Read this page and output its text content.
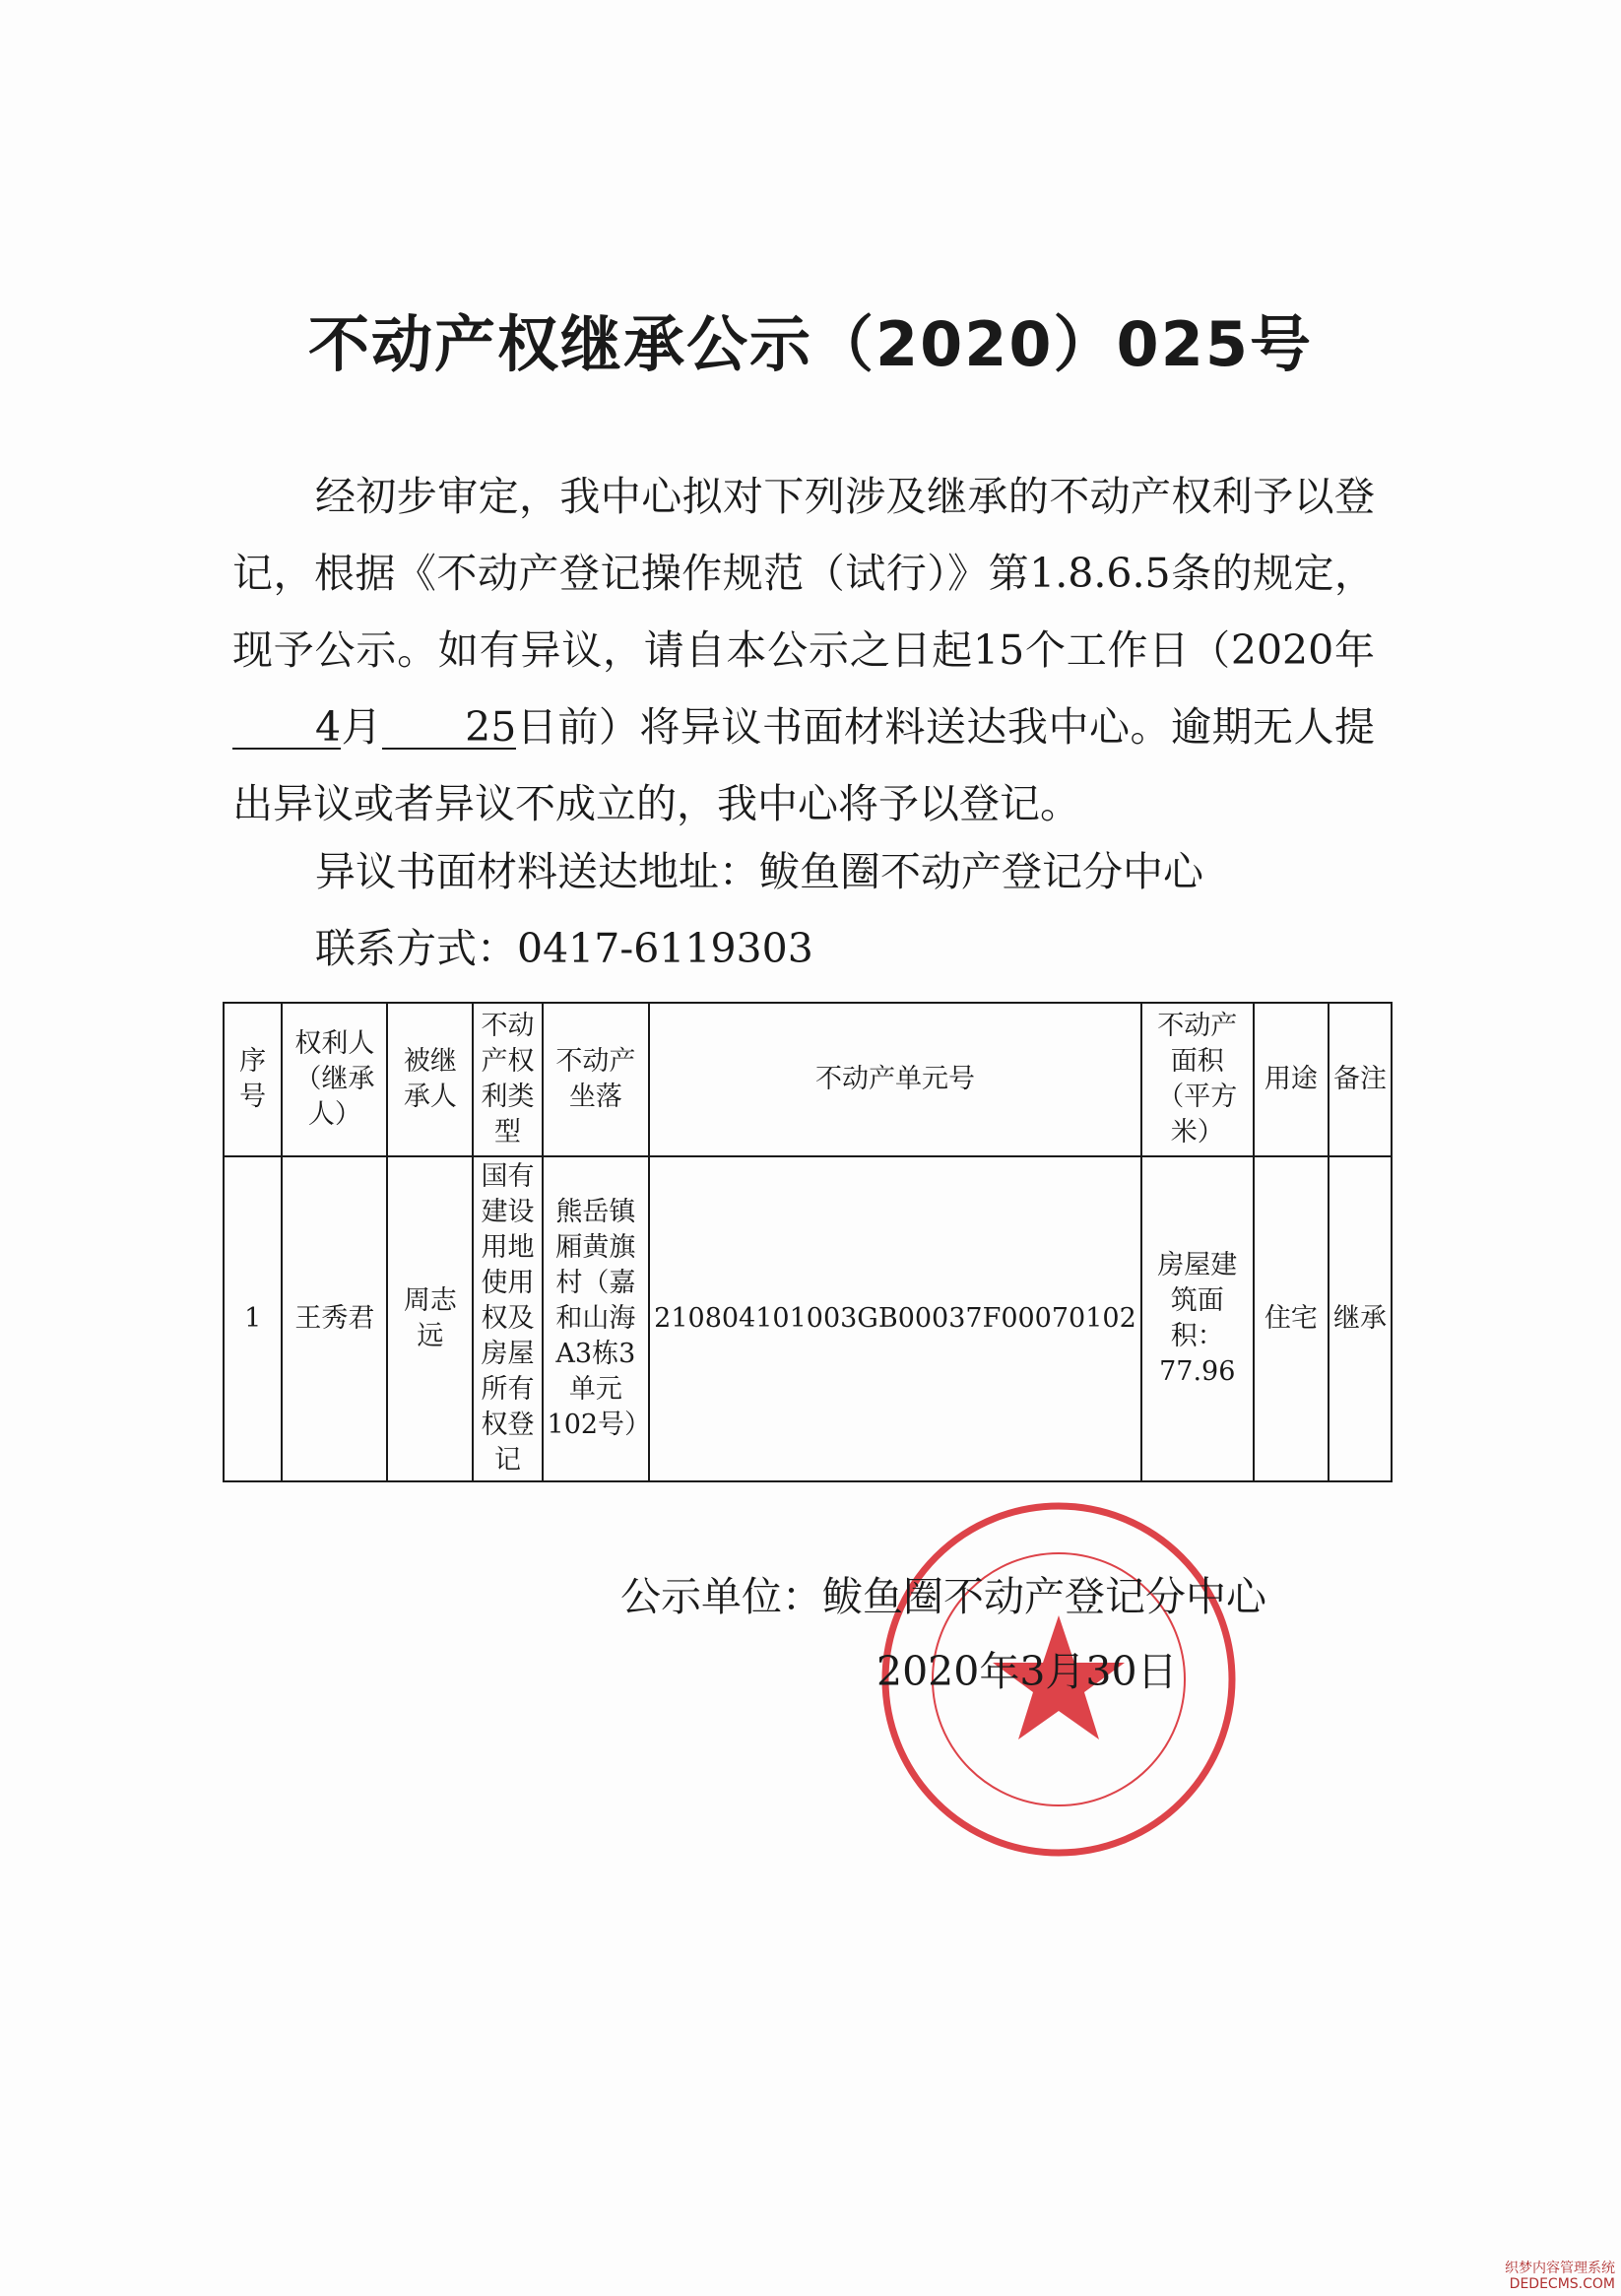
不动产权继承公示（2020）025号

经初步审定，我中心拟对下列涉及继承的不动产权利予以登记，根据《不动产登记操作规范（试行）》第1.8.6.5条的规定，现予公示。如有异议，请自本公示之日起15个工作日（2020年4月 25日前）将异议书面材料送达我中心。逾期无人提出异议或者异议不成立的，我中心将予以登记。

异议书面材料送达地址：鲅鱼圈不动产登记分中心
联系方式：0417-6119303
序号	权利人（继承人）	被继承人	不动产权利类型	不动产坐落	不动产单元号	不动产面积（平方米）	用途	备注
1	王秀君	周志远	国有建设用地使用权及房屋所有权登记	熊岳镇厢黄旗村（嘉和山海A3栋3单元102号）	210804101003GB00037F00070102	房屋建筑面积：77.96	住宅	继承
公示单位：鲅鱼圈不动产登记分中心
2020年3月30日
织梦内容管理系统
DEDECMS.COM
